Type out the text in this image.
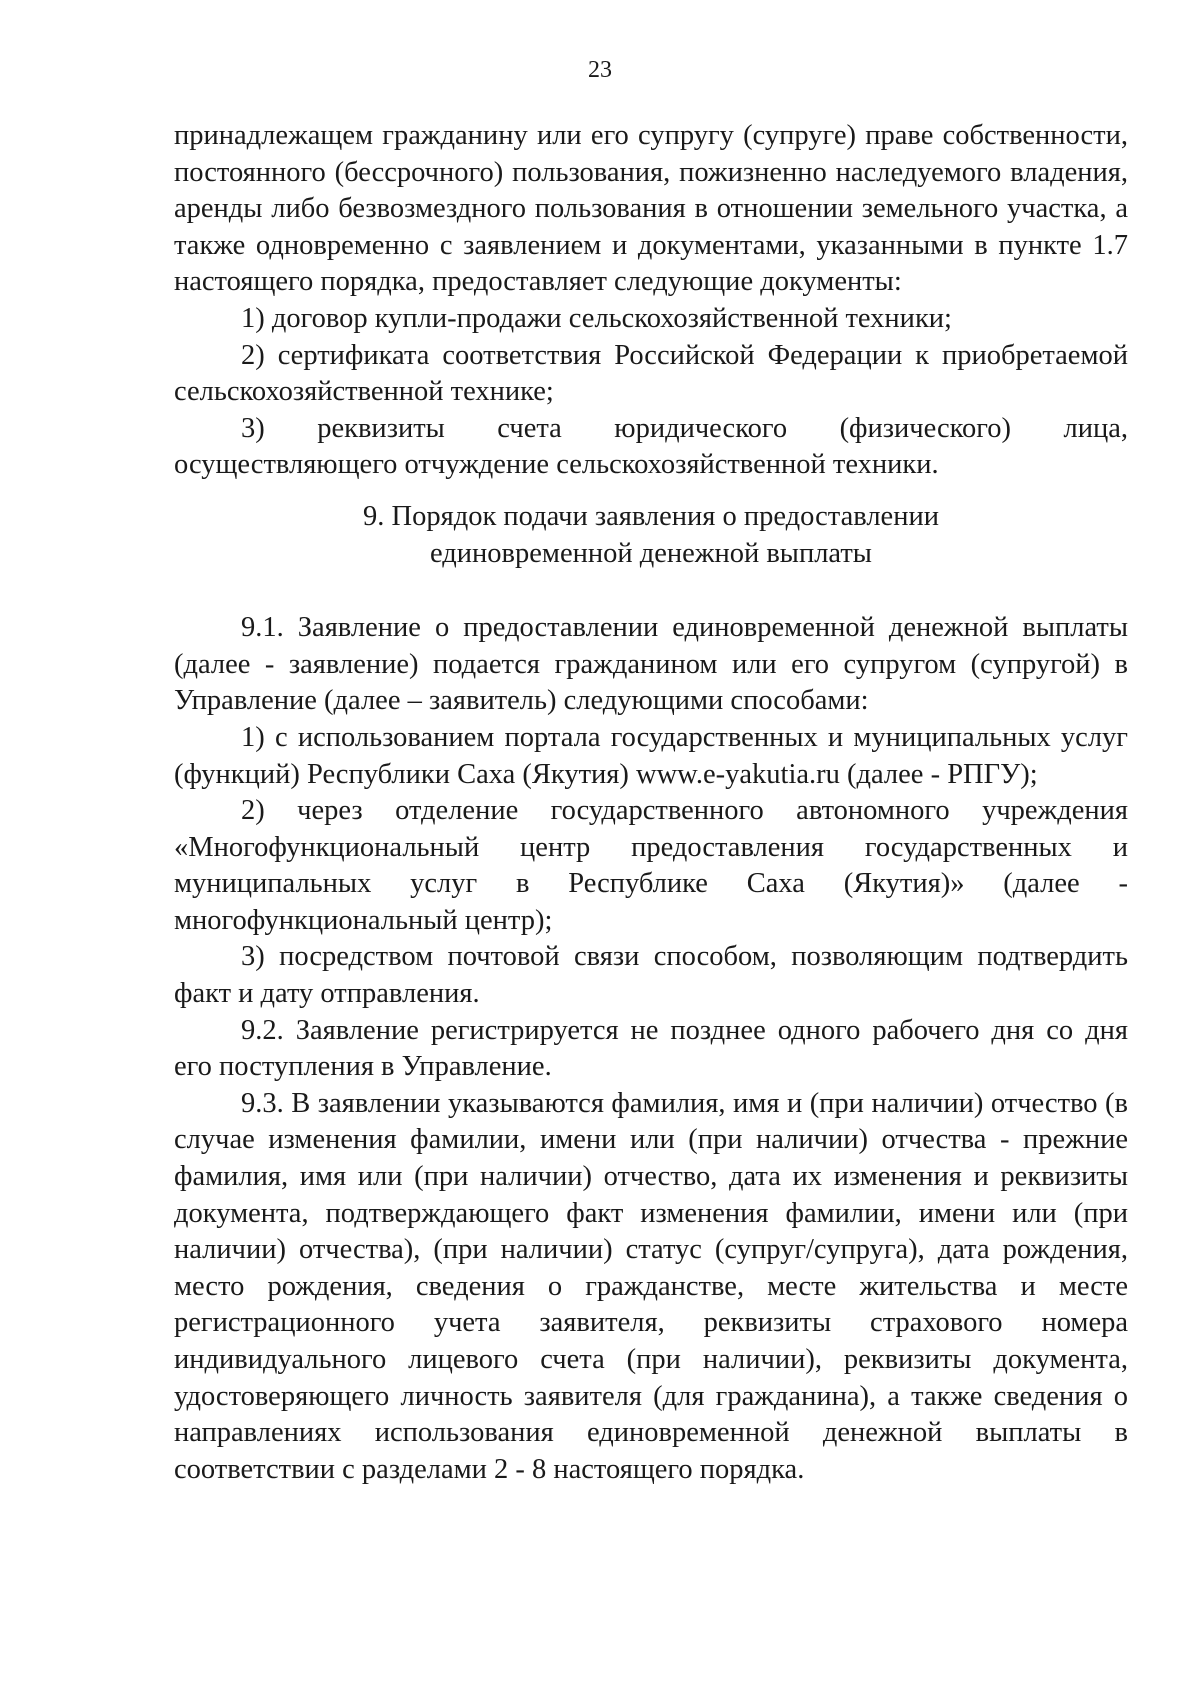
23

принадлежащем гражданину или его супругу (супруге) праве собственности, постоянного (бессрочного) пользования, пожизненно наследуемого владения, аренды либо безвозмездного пользования в отношении земельного участка, а также одновременно с заявлением и документами, указанными в пункте 1.7 настоящего порядка, предоставляет следующие документы:

1) договор купли-продажи сельскохозяйственной техники;

2) сертификата соответствия Российской Федерации к приобретаемой сельскохозяйственной технике;

3) реквизиты счета юридического (физического) лица, осуществляющего отчуждение сельскохозяйственной техники.

9. Порядок подачи заявления о предоставлении

единовременной денежной выплаты

9.1. Заявление о предоставлении единовременной денежной выплаты (далее - заявление) подается гражданином или его супругом (супругой) в Управление (далее – заявитель) следующими способами:

1) с использованием портала государственных и муниципальных услуг (функций) Республики Саха (Якутия) www.e-yakutia.ru (далее - РПГУ);

2) через отделение государственного автономного учреждения «Многофункциональный центр предоставления государственных и муниципальных услуг в Республике Саха (Якутия)» (далее - многофункциональный центр);

3) посредством почтовой связи способом, позволяющим подтвердить факт и дату отправления.

9.2. Заявление регистрируется не позднее одного рабочего дня со дня его поступления в Управление.

9.3. В заявлении указываются фамилия, имя и (при наличии) отчество (в случае изменения фамилии, имени или (при наличии) отчества - прежние фамилия, имя или (при наличии) отчество, дата их изменения и реквизиты документа, подтверждающего факт изменения фамилии, имени или (при наличии) отчества), (при наличии) статус (супруг/супруга), дата рождения, место рождения, сведения о гражданстве, месте жительства и месте регистрационного учета заявителя, реквизиты страхового номера индивидуального лицевого счета (при наличии), реквизиты документа, удостоверяющего личность заявителя (для гражданина), а также сведения о направлениях использования единовременной денежной выплаты в соответствии с разделами 2 - 8 настоящего порядка.
